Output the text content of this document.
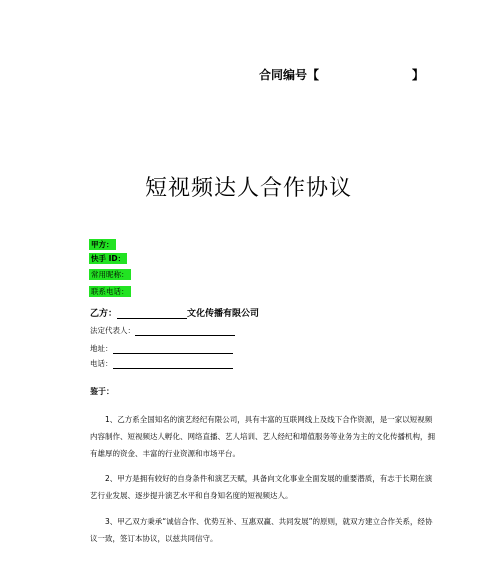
合同编号【	】
短视频达人合作协议
甲方：
快手 ID：
常用昵称：
联系电话：
乙方：	文化传播有限公司
法定代表人：
地址：
电话：
鉴于：
1、乙方系全国知名的演艺经纪有限公司，具有丰富的互联网线上及线下合作资源，是一家以短视频内容制作、短视频达人孵化、网络直播、艺人培训、艺人经纪和增值服务等业务为主的文化传播机构，拥有雄厚的资金、丰富的行业资源和市场平台。
2、甲方是拥有较好的自身条件和演艺天赋，具备向文化事业全面发展的重要潜质，有志于长期在演艺行业发展、逐步提升演艺水平和自身知名度的短视频达人。
3、甲乙双方秉承“诚信合作、优势互补、互惠双赢、共同发展”的原则，就双方建立合作关系，经协议一致，签订本协议，以兹共同信守。
